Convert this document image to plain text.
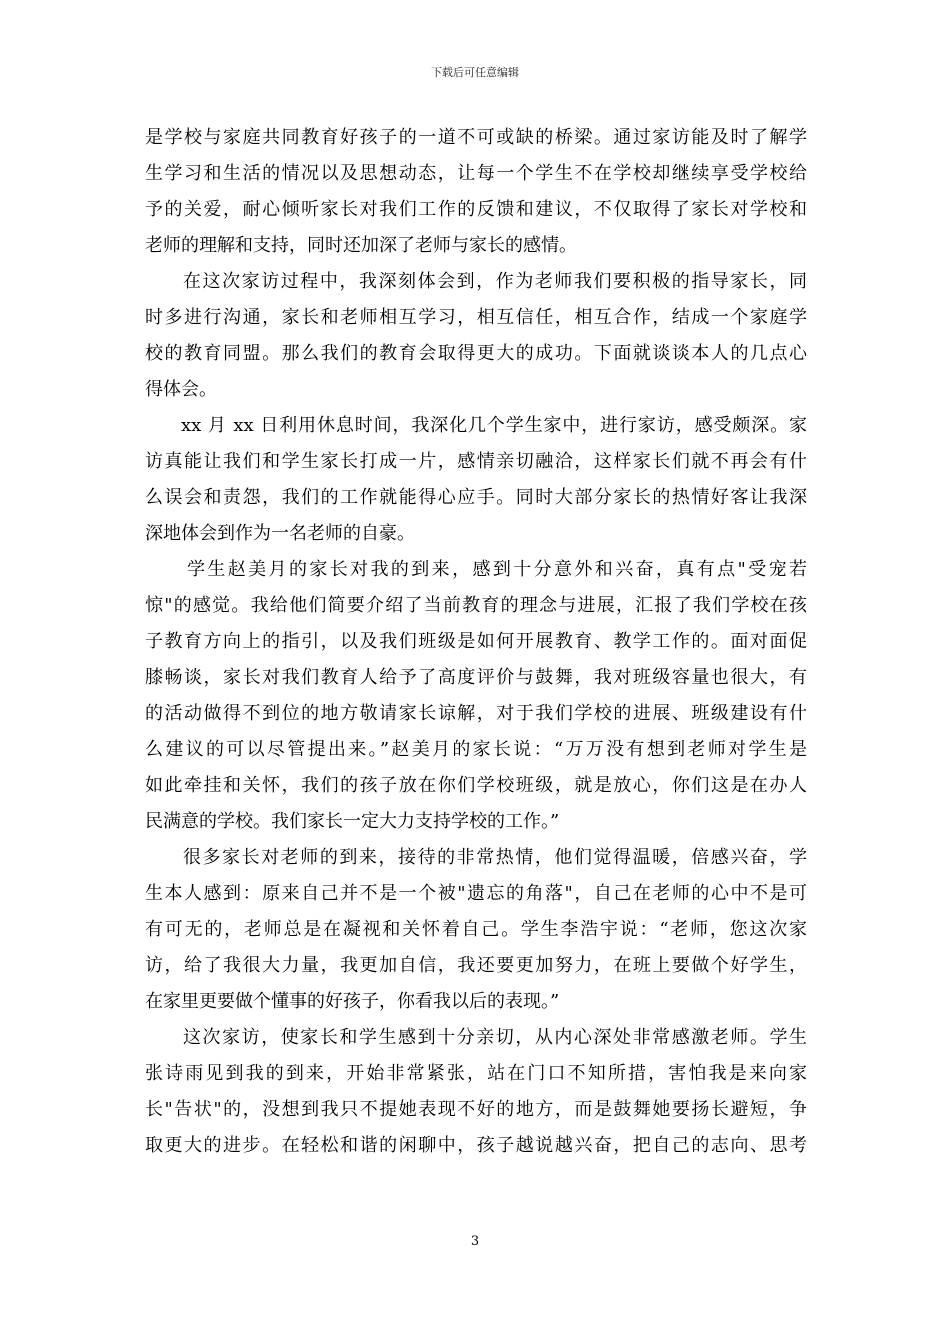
下载后可任意编辑
是学校与家庭共同教育好孩子的一道不可或缺的桥梁。通过家访能及时了解学
生学习和生活的情况以及思想动态，让每一个学生不在学校却继续享受学校给
予的关爱，耐心倾听家长对我们工作的反馈和建议，不仅取得了家长对学校和
老师的理解和支持，同时还加深了老师与家长的感情。
在这次家访过程中，我深刻体会到，作为老师我们要积极的指导家长，同
时多进行沟通，家长和老师相互学习，相互信任，相互合作，结成一个家庭学
校的教育同盟。那么我们的教育会取得更大的成功。下面就谈谈本人的几点心
得体会。
xx 月 xx 日利用休息时间，我深化几个学生家中，进行家访，感受颇深。家
访真能让我们和学生家长打成一片，感情亲切融洽，这样家长们就不再会有什
么误会和责怨，我们的工作就能得心应手。同时大部分家长的热情好客让我深
深地体会到作为一名老师的自豪。
学生赵美月的家长对我的到来，感到十分意外和兴奋，真有点"受宠若
惊"的感觉。我给他们简要介绍了当前教育的理念与进展，汇报了我们学校在孩
子教育方向上的指引，以及我们班级是如何开展教育、教学工作的。面对面促
膝畅谈，家长对我们教育人给予了高度评价与鼓舞，我对班级容量也很大，有
的活动做得不到位的地方敬请家长谅解，对于我们学校的进展、班级建设有什
么建议的可以尽管提出来。”赵美月的家长说：“万万没有想到老师对学生是
如此牵挂和关怀，我们的孩子放在你们学校班级，就是放心，你们这是在办人
民满意的学校。我们家长一定大力支持学校的工作。”
很多家长对老师的到来，接待的非常热情，他们觉得温暖，倍感兴奋，学
生本人感到：原来自己并不是一个被"遗忘的角落"，自己在老师的心中不是可
有可无的，老师总是在凝视和关怀着自己。学生李浩宇说：“老师，您这次家
访，给了我很大力量，我更加自信，我还要更加努力，在班上要做个好学生，
在家里更要做个懂事的好孩子，你看我以后的表现。”
这次家访，使家长和学生感到十分亲切，从内心深处非常感激老师。学生
张诗雨见到我的到来，开始非常紧张，站在门口不知所措，害怕我是来向家
长"告状"的，没想到我只不提她表现不好的地方，而是鼓舞她要扬长避短，争
取更大的进步。在轻松和谐的闲聊中，孩子越说越兴奋，把自己的志向、思考
3
